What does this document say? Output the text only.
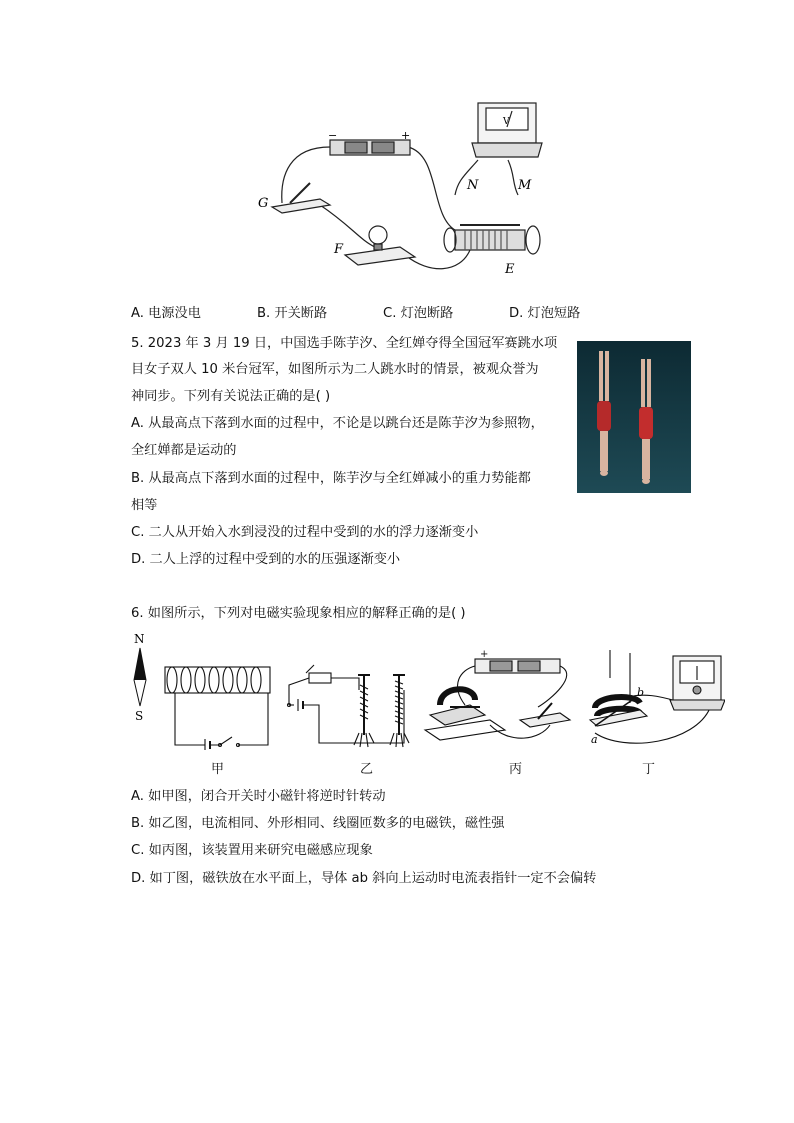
G
F
E
N	M
−	+
V
A. 电源没电	B. 开关断路	C. 灯泡断路	D. 灯泡短路
5. 2023 年 3 月 19 日，中国选手陈芋汐、全红婵夺得全国冠军赛跳水项
目女子双人 10 米台冠军，如图所示为二人跳水时的情景，被观众誉为
神同步。下列有关说法正确的是( )
A. 从最高点下落到水面的过程中，不论是以跳台还是陈芋汐为参照物，
全红婵都是运动的
B. 从最高点下落到水面的过程中，陈芋汐与全红婵减小的重力势能都
相等
C. 二人从开始入水到浸没的过程中受到的水的浮力逐渐变小
D. 二人上浮的过程中受到的水的压强逐渐变小
6. 如图所示，下列对电磁实验现象相应的解释正确的是( )
N
S
+
b
a
甲	乙	丙	丁
A. 如甲图，闭合开关时小磁针将逆时针转动
B. 如乙图，电流相同、外形相同、线圈匝数多的电磁铁，磁性强
C. 如丙图，该装置用来研究电磁感应现象
D. 如丁图，磁铁放在水平面上，导体 ab 斜向上运动时电流表指针一定不会偏转
